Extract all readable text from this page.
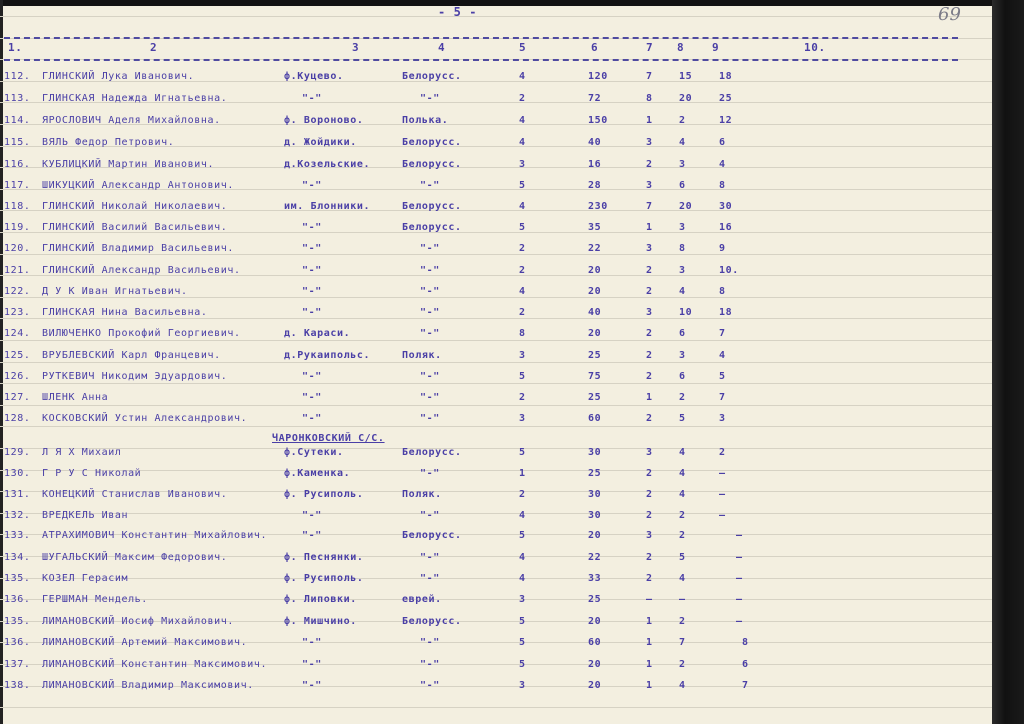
- 5 -	69
1.	2	3	4	5	6	7 8	9	10.
ЧАРОНКОВСКИЙ С/С.
112. ГЛИНСКИЙ Лука Иванович.	ф.Куцево.	Белорусс.	4	120	7	15	18
113. ГЛИНСКАЯ Надежда Игнатьевна.	"-"	"-"	2	72	8	20	25
114. ЯРОСЛОВИЧ Аделя Михайловна.	ф. Вороново.	Полька.	4	150	1	2	12
115. ВЯЛЬ Федор Петрович.	д. Жойдики.	Белорусс.	4	40	3	4	6
116. КУБЛИЦКИЙ Мартин Иванович.	д.Козельские.	Белорусс.	3	16	2	3	4
117. ШИКУЦКИЙ Александр Антонович.	"-"	"-"	5	28	3	6	8
118. ГЛИНСКИЙ Николай Николаевич.	им. Блонники.	Белорусс.	4	230	7	20	30
119. ГЛИНСКИЙ Василий Васильевич.	"-"	Белорусс.	5	35	1	3	16
120. ГЛИНСКИЙ Владимир Васильевич.	"-"	"-"	2	22	3	8	9
121. ГЛИНСКИЙ Александр Васильевич.	"-"	"-"	2	20	2	3	10.
122. Д У К Иван Игнатьевич.	"-"	"-"	4	20	2	4	8
123. ГЛИНСКАЯ Нина Васильевна.	"-"	"-"	2	40	3	10	18
124. ВИЛЮЧЕНКО Прокофий Георгиевич.	д. Караси.	"-"	8	20	2	6	7
125. ВРУБЛЕВСКИЙ Карл Францевич.	д.Рукаипольс.	Поляк.	3	25	2	3	4
126. РУТКЕВИЧ Никодим Эдуардович.	"-"	"-"	5	75	2	6	5
127. ШЛЕНК Анна	"-"	"-"	2	25	1	2	7
128. КОСКОВСКИЙ Устин Александрович.	"-"	"-"	3	60	2	5	3
129. Л Я Х Михаил	ф.Сутеки.	Белорусс.	5	30	3	4	2
130. Г Р У С Николай	ф.Каменка.	"-"	1	25	2	4	–
131. КОНЕЦКИЙ Станислав Иванович.	ф. Русиполь.	Поляк.	2	30	2	4	–
132. ВРЕДКЕЛЬ Иван	"-"	"-"	4	30	2	2	–
133. АТРАХИМОВИЧ Константин Михайлович.	"-"	Белорусс.	5	20	3	2	–
134. ШУГАЛЬСКИЙ Максим Федорович.	ф. Песнянки.	"-"	4	22	2	5	–
135. КОЗЕЛ Герасим	ф. Русиполь.	"-"	4	33	2	4	–
136. ГЕРШМАН Мендель.	ф. Липовки.	еврей.	3	25	–	–	–
135. ЛИМАНОВСКИЙ Иосиф Михайлович.	ф. Мишчино.	Белорусс.	5	20	1	2	–
136. ЛИМАНОВСКИЙ Артемий Максимович.	"-"	"-"	5	60	1	7	8
137. ЛИМАНОВСКИЙ Константин Максимович.	"-"	"-"	5	20	1	2	6
138. ЛИМАНОВСКИЙ Владимир Максимович.	"-"	"-"	3	20	1	4	7
